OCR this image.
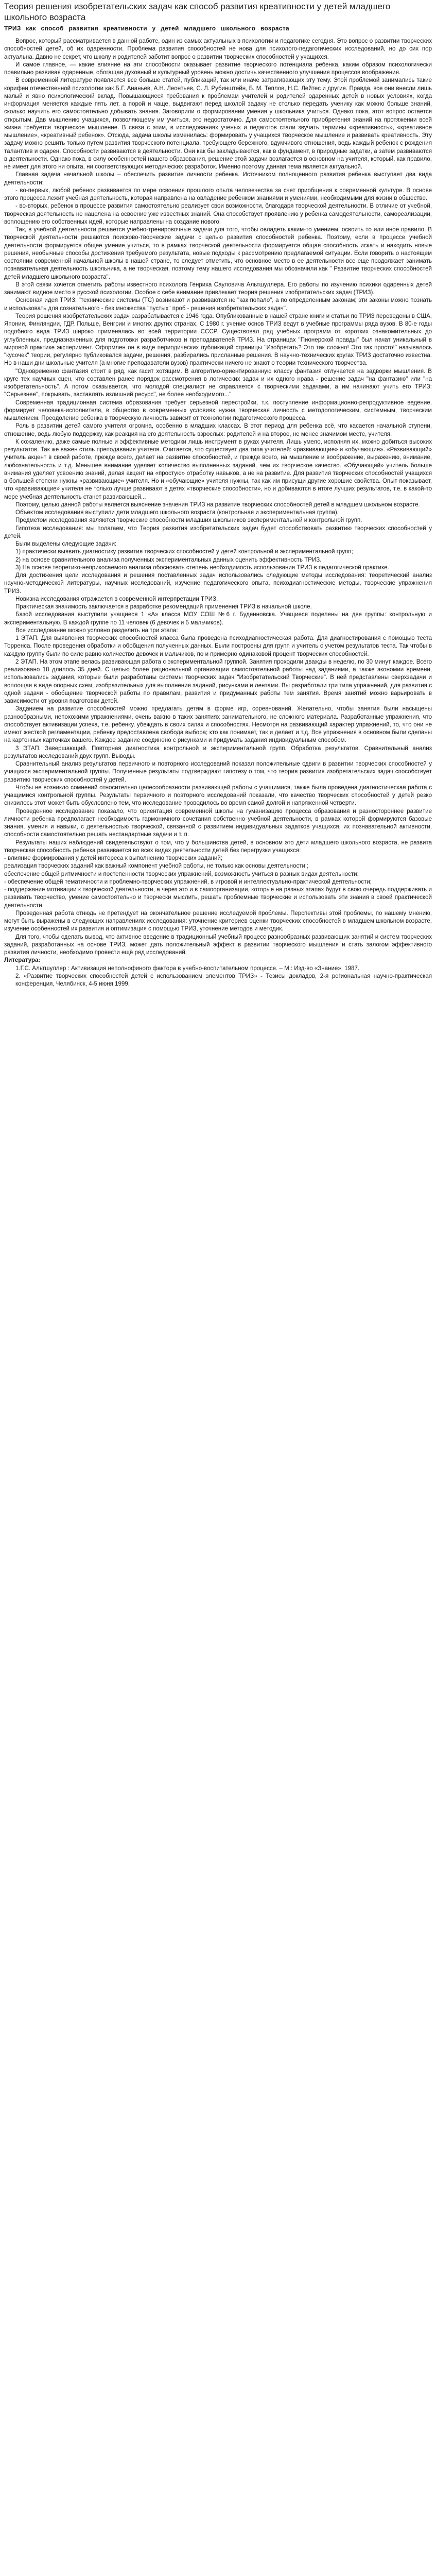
Теория решения изобретательских задач как способ развития креативности у детей младшего школьного возраста
ТРИЗ как способ развития креативности у детей младшего школьного возраста

Вопрос, который рассматривается в данной работе, один из самых актуальных в психологии и педагогике сегодня. Это вопрос о развитии творческих способностей детей, об их одаренности. Проблема развития способностей не нова для психолого-педагогических исследований, но до сих пор актуальна. Давно не секрет, что школу и родителей заботит вопрос о развитии творческих способностей у учащихся.

И самое главное, — какие влияние на эти способности оказывает развитие творческого потенциала ребенка, каким образом психологически правильно развивая одаренные, обогащая духовный и культурный уровень можно достичь качественного улучшения процессов воображения.

В современной литературе появляется все больше статей, публикаций, так или иначе затрагивающих эту тему. Этой проблемой занимались такие корифеи отечественной психологии как Б.Г. Ананьев, А.Н. Леонтьев, С. Л. Рубинштейн, Б. М. Теплов, Н.С. Лейтес и другие. Правда, все они внесли лишь малый и явно психологический вклад. Повышающиеся требования к проблемам учителей и родителей одаренных детей в новых условиях, когда информация меняется каждые пять лет, а порой и чаще, выдвигают перед школой задачу не столько передать ученику как можно больше знаний, сколько научить его самостоятельно добывать знания. Заговорили о формировании умения у школьника учиться. Однако пока, этот вопрос остается открытым. Дав мышлению учащихся, позволяющему им учиться, это недостаточно. Для самостоятельного приобретения знаний на протяжении всей жизни требуется творческое мышление. В связи с этим, в исследованиях ученых и педагогов стали звучать термины «креативность», «креативное мышление», «креативный ребенок». Отсюда, задача школы изменилась: формировать у учащихся творческое мышление и развивать креативность. Эту задачу можно решить только путем развития творческого потенциала, требующего бережного, вдумчивого отношения, ведь каждый ребенок с рождения талантлив и одарен. Способности развиваются в деятельности. Они как бы закладываются, как в фундамент, в природные задатки, а затем развиваются в деятельности. Однако пока, в силу особенностей нашего образования, решение этой задачи возлагается в основном на учителя, который, как правило, не имеет для этого ни опыта, ни соответствующих методических разработок. Именно поэтому данная тема является актуальной.

Главная задача начальной школы – обеспечить развитие личности ребенка. Источником полноценного развития ребенка выступает два вида деятельности:

- во-первых, любой ребенок развивается по мере освоения прошлого опыта человечества за счет приобщения к современной культуре. В основе этого процесса лежит учебная деятельность, которая направлена на овладение ребенком знаниями и умениями, необходимыми для жизни в обществе.

- во-вторых, ребенок в процессе развития самостоятельно реализует свои возможности, благодаря творческой деятельности. В отличие от учебной, творческая деятельность не нацелена на освоение уже известных знаний. Она способствует проявлению у ребенка самодеятельности, самореализации, воплощению его собственных идей, которые направлены на создание нового.

Так, в учебной деятельности решается учебно-тренировочные задачи для того, чтобы овладеть каким-то умением, освоить то или иное правило. В творческой деятельности решаются поисково-творческие задачи с целью развития способностей ребенка. Поэтому, если в процессе учебной деятельности формируется общее умение учиться, то в рамках творческой деятельности формируется общая способность искать и находить новые решения, необычные способы достижения требуемого результата, новые подходы к рассмотрению предлагаемой ситуации. Если говорить о настоящем состоянии современной начальной школы в нашей стране, то следует отметить, что основное место в ее деятельности все еще продолжает занимать познавательная деятельность школьника, а не творческая, поэтому тему нашего исследования мы обозначили как " Развитие творческих способностей детей младшего школьного возраста".

В этой связи хочется отметить работы известного психолога Генриха Сауловича Альтшуллера. Его работы по изучению психики одаренных детей занимают видное место в русской психологии. Особое с себе внимание привлекает теория решения изобретательских задач (ТРИЗ).

Основная идея ТРИЗ: "технические системы (ТС) возникают и развиваются не "как попало", а по определенным законам; эти законы можно познать и использовать для сознательного - без множества "пустых" проб - решения изобретательских задач".

Теория решения изобретательских задач разрабатывается с 1946 года. Опубликованные в нашей стране книги и статьи по ТРИЗ переведены в США, Японии, Финляндии, ГДР, Польше, Венгрии и многих других странах. С 1980 г. учение основ ТРИЗ ведут в учебные программы ряда вузов. В 80-е годы подобного вида ТРИЗ широко применялась во всей территории СССР. Существовал ряд учебных программ от коротких ознакомительных до углубленных, предназначенных для подготовки разработчиков и преподавателей ТРИЗ. На страницах "Пионерской правды" был начат уникальный в мировой практике эксперимент. Оформлен он в виде периодических публикаций страницы "Изобретать? Это так сложно! Это так просто!" называлось "кусочек" теории, регулярно публиковался задачи, решения, разбирались присланные решения. В научно-технических кругах ТРИЗ достаточно известна. Но в наши дни школьные учителя (а многие преподаватели вузов) практически ничего не знают о теории технического творчества.

"Одновременно фантазия стоит в ряд, как гасит хотящим. В алгоритмо-ориентированную классу фантазия отлучается на задворки мышления. В круге тех научных сцен, что составлен ранее порядок рассмотрения в логических задач и их одного нрава - решение задач "на фантазию" или "на изобретательность". А потом оказывается, что молодой специалист не справляется с творческими задачами, а им начинают учить его ТРИЗ: "Серьезнее", покрывать, заставлять излишний ресурс", не более необходимого..."

Современная традиционная система образования требует серьезной перестройки, т.к. поступление информационно-репродуктивное ведение, формирует человека-исполнителя, в общество в современных условиях нужна творческая личность с методологическим, системным, творческим мышлением. Преодоление ребенка в творческую личность зависит от технологии педагогического процесса.

Роль в развитии детей самого учителя огромна, особенно в младших классах. В этот период для ребенка всё, что касается начальной ступени, отношение, ведь любую поддержку, как реакция на его деятельность взрослых: родителей и на второе, не менее значимом месте, учителя.

К сожалению, даже самые полные и эффективные методики лишь инструмент в руках учителя. Лишь умело, исполняя их, можно добиться высоких результатов. Так же важен стиль преподавания учителя. Считается, что существует два типа учителей: «развивающие» и «обучающие». «Развивающий» учитель акцент в своей работе, прежде всего, делает на развитие способностей, и прежде всего, на мышление и воображение, выражению, внимание, любознательность и т.д. Меньшее внимание уделяет количество выполненных заданий, чем их творческое качество. «Обучающий» учитель больше внимания уделяет усвоению знаний, делая акцент на «простую» отработку навыков, а не на развитие. Для развития творческих способностей учащихся в большей степени нужны «развивающие» учителя. Но и «обучающие» учителя нужны, так как им присущи другие хорошие свойства. Опыт показывает, что «развивающие» учителя не только лучше развивают в детях «творческие способности», но и добиваются в итоге лучших результатов, т.е. в какой-то мере учебная деятельность станет развивающей...

Поэтому, целью данной работы является выяснение значения ТРИЗ на развитие творческих способностей детей в младшем школьном возрасте.

Объектом исследования выступили дети младшего школьного возраста (контрольная и экспериментальная группа).

Предметом исследования являются творческие способности младших школьников экспериментальной и контрольной групп.

Гипотеза исследования: мы полагаем, что Теория развития изобретательских задач будет способствовать развитию творческих способностей у детей.

Были выделены следующие задачи:

1) практически выявить диагностику развития творческих способностей у детей контрольной и экспериментальной групп;

2) на основе сравнительного анализа полученных экспериментальных данных оценить эффективность ТРИЗ.

3) На основе теоретико-неприкосаемого анализа обосновать степень необходимость использования ТРИЗ в педагогической практике.

Для достижения цели исследования и решения поставленных задач использовались следующие методы исследования: теоретический анализ научно-методической литературы, научных исследований, изучение педагогического опыта, психодиагностические методы, творческие упражнения ТРИЗ.

Новизна исследования отражается в современной интерпретации ТРИЗ.

Практическая значимость заключается в разработке рекомендаций применения ТРИЗ в начальной школе.

Базой исследования выступили учащиеся 1 «А» класса МОУ СОШ №6 г. Буденновска. Учащиеся поделены на две группы: контрольную и экспериментальную. В каждой группе по 11 человек (6 девочек и 5 мальчиков).

Все исследование можно условно разделить на три этапа:

1 ЭТАП. Для выявления творческих способностей класса была проведена психодиагностическая работа. Для диагностирования с помощью теста Торренса. После проведения обработки и обобщения полученных данных. Были построены для групп и учитель с учетом результатов теста. Так чтобы в каждую группу были по силе равно количество девочек и мальчиков, по и примерно одинаковой процент творческих способностей.

2 ЭТАП. На этом этапе велась развивающая работа с экспериментальной группой. Занятия проходили дважды в неделю, по 30 минут каждое. Всего реализовано 18 длилось 35 дней. С целью более рациональной организации самостоятельной работы над заданиями, а также экономии времени, использовались задания, которые были разработаны системы творческих задач "Изобретательский Творческие". В ней представлены сверхзадачи и воплощая в виде опорных схем, изобразительных для выполнения заданий, рисунками и лентами. Вы разработали три типа упражнений, для развития с одной задачи - обобщение творческой работы по правилам, развития и придуманных работы тем занятия. Время занятий можно варьировать в зависимости от уровня подготовки детей.

Заданием на развитие способностей можно предлагать детям в форме игр, соревнований. Желательно, чтобы занятия были насыщены разнообразными, непохожими упражнениями, очень важно в таких занятиях занимательного, не сложного материала. Разработанные упражнения, что способствует активизации успеха, т.е. ребенку, убеждать в своих силах и способностях. Несмотря на развивающий характер упражнений, то, что они не имеют жесткой регламентации, ребенку предоставлена свобода выбора; кто как понимает, так и делает и т.д. Все упражнения в основном были сделаны на картонных карточках вашего. Каждое задание соединено с рисунками и придумать задания индивидуальным способом.

3 ЭТАП. Завершающий. Повторная диагностика контрольной и экспериментальной групп. Обработка результатов. Сравнительный анализ результатов исследований двух групп. Выводы.

Сравнительный анализ результатов первичного и повторного исследований показал положительные сдвиги в развитии творческих способностей у учащихся экспериментальной группы. Полученные результаты подтверждают гипотезу о том, что теория развития изобретательских задач способствует развитию творческих способностей у детей.

Чтобы не возникло сомнений относительно целесообразности развивающей работы с учащимися, также была проведена диагностическая работа с учащимися контрольной группы. Результаты первичного и повторного исследований показали, что качество творческих способностей у детей резко снизилось этот может быть обусловлено тем, что исследование проводилось во время самой долгой и напряженной четверти.

Проведенное исследование показало, что ориентация современной школы на гуманизацию процесса образования и разностороннее развитие личности ребенка предполагает необходимость гармоничного сочетания собственно учебной деятельности, в рамках которой формируются базовые знания, умения и навыки, с деятельностью творческой, связанной с развитием индивидуальных задатков учащихся, их познавательной активности, способности самостоятельно решать нестандартные задачи и т. п.

Результаты наших наблюдений свидетельствуют о том, что у большинства детей, в основном это дети младшего школьного возраста, не развита творческая способность ребенка развивается во всех видах деятельности детей без перегрузки учащихся:

- влияние формирования у детей интереса к выполнению творческих заданий;

реализация творческих заданий как важный компонент учебной работы, не только как основы деятельности ;

обеспечение общей ритмичности и постепенности творческих упражнений, возможность учиться в разных видах деятельности;

- обеспечение общей тематичности и проблемно-творческих упражнений, в игровой и интеллектуально-практической деятельности;

- поддержание мотивации к творческой деятельности, а через это и в самоорганизации, которые на разных этапах будут в свою очередь поддерживать и развивать творчество, умение самостоятельно и творчески мыслить, решать проблемные творческие и использовать эти знания в своей практической деятельности.

Проведенная работа отнюдь не претендует на окончательное решение исследуемой проблемы. Перспективы этой проблемы, по нашему мнению, могут быть выражены в следующих направлениях исследования: уточнение критериев оценки творческих способностей в младшем школьном возрасте, изучение особенностей их развития и оптимизация с помощью ТРИЗ, уточнение методов и методик.

Для того, чтобы сделать вывод, что активное введение в традиционный учебный процесс разнообразных развивающих занятий и систем творческих заданий, разработанных на основе ТРИЗ, может дать положительный эффект в развитии творческого мышления и стать залогом эффективного развития личности, необходимо провести ещё ряд исследований.

Литература:

1.Г.С. Альтшуллер : Активизация неполнофиного фактора в учебно-воспитательном процессе. – М.: Изд-во «Знание», 1987.

2. «Развитие творческих способностей детей с использованием элементов ТРИЗ» - Тезисы докладов, 2-я региональная научно-практическая конференция, Челябинск, 4-5 июня 1999.
